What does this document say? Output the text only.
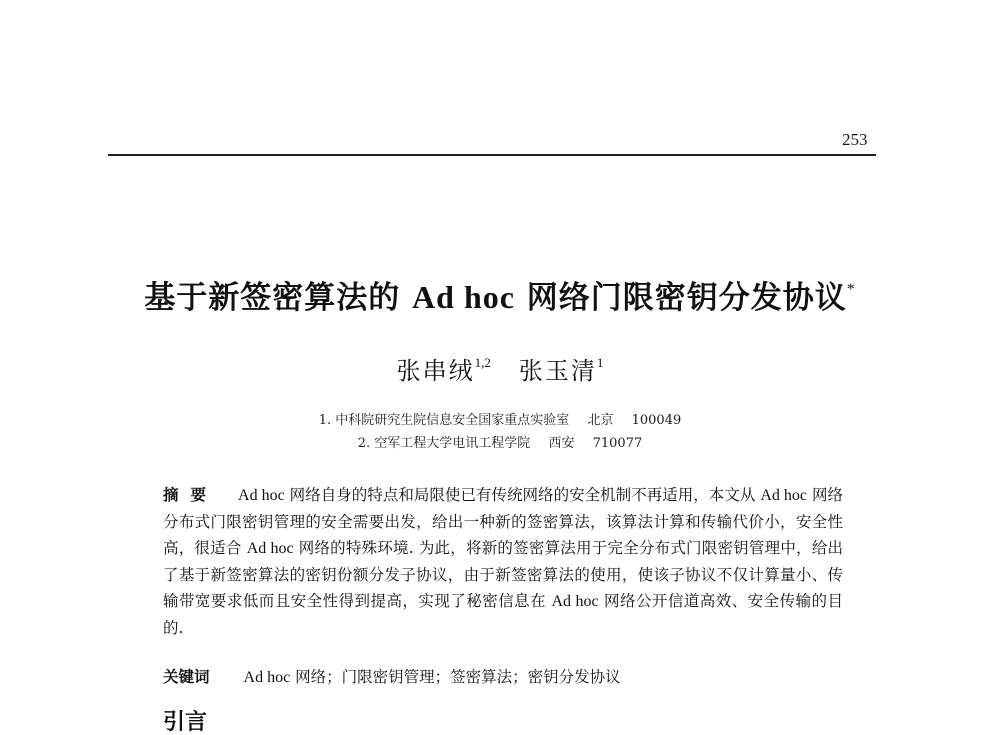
253
基于新签密算法的 Ad hoc 网络门限密钥分发协议*
张串绒$^{1,2}$ 张玉清$^1$
1. 中科院研究生院信息安全国家重点实验室 北京 100049
2. 空军工程大学电讯工程学院 西安 710077
摘要 Ad hoc 网络自身的特点和局限使已有传统网络的安全机制不再适用，本文从 Ad hoc 网络分布式门限密钥管理的安全需要出发，给出一种新的签密算法，该算法计算和传输代价小，安全性高，很适合 Ad hoc 网络的特殊环境. 为此，将新的签密算法用于完全分布式门限密钥管理中，给出了基于新签密算法的密钥份额分发子协议，由于新签密算法的使用，使该子协议不仅计算量小、传输带宽要求低而且安全性得到提高，实现了秘密信息在 Ad hoc 网络公开信道高效、安全传输的目的.
关键词 Ad hoc 网络；门限密钥管理；签密算法；密钥分发协议
引言
